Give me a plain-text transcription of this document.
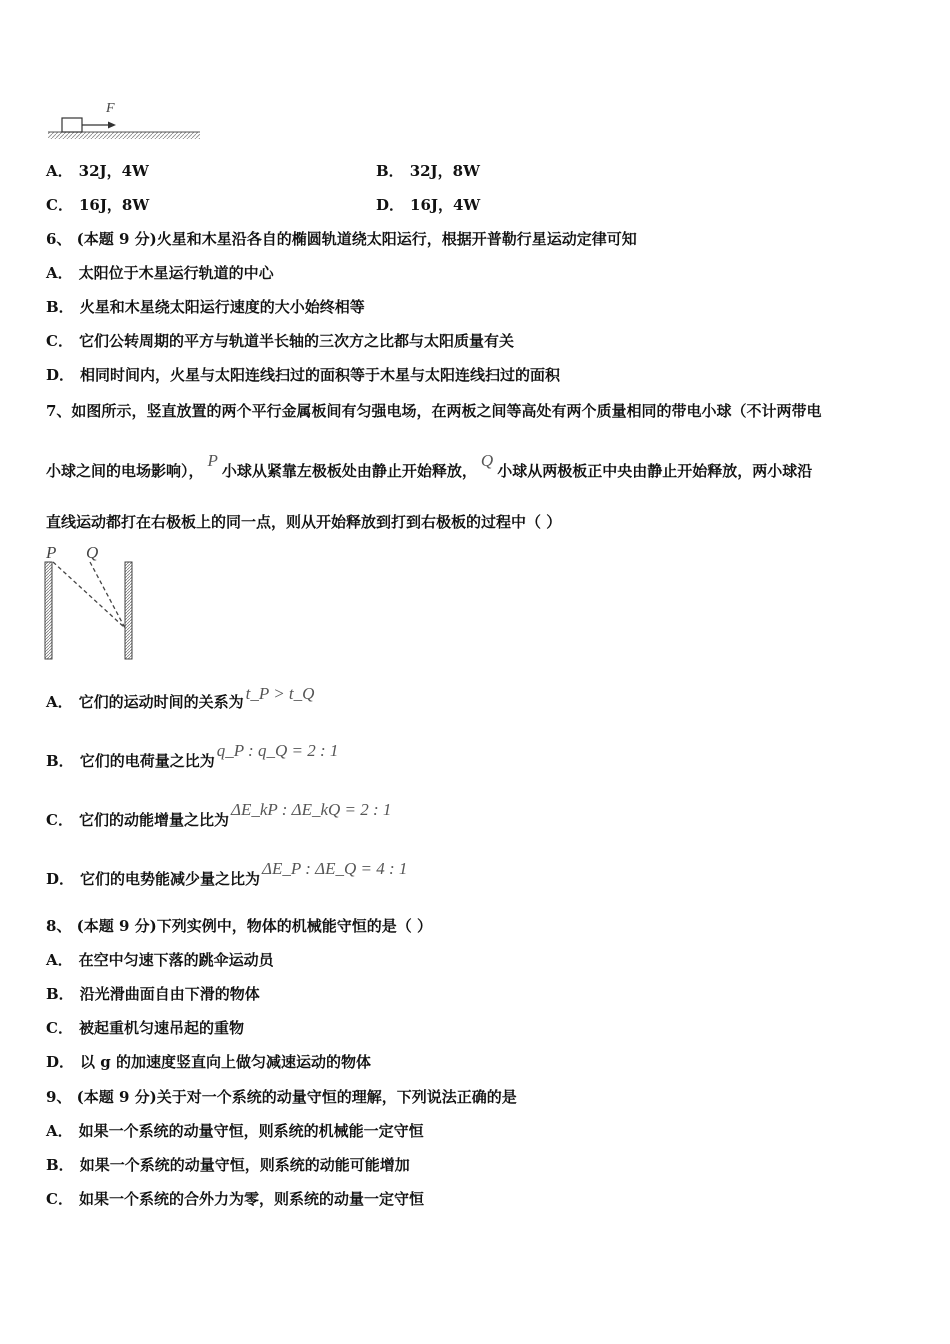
F
A． 32J，4W	B． 32J，8W
C． 16J，8W	D． 16J，4W
6、 (本题 9 分)火星和木星沿各自的椭圆轨道绕太阳运行，根据开普勒行星运动定律可知
A． 太阳位于木星运行轨道的中心
B． 火星和木星绕太阳运行速度的大小始终相等
C． 它们公转周期的平方与轨道半长轴的三次方之比都与太阳质量有关
D． 相同时间内，火星与太阳连线扫过的面积等于木星与太阳连线扫过的面积
7、如图所示，竖直放置的两个平行金属板间有匀强电场，在两板之间等高处有两个质量相同的带电小球（不计两带电
小球之间的电场影响），P小球从紧靠左极板处由静止开始释放，Q小球从两极板正中央由静止开始释放，两小球沿
直线运动都打在右极板上的同一点，则从开始释放到打到右极板的过程中（ ）
P Q
A． 它们的运动时间的关系为 t_P > t_Q
B． 它们的电荷量之比为q_P : q_Q = 2 : 1
C． 它们的动能增量之比为ΔE_kP : ΔE_kQ = 2 : 1
D． 它们的电势能减少量之比为ΔE_P : ΔE_Q = 4 : 1
8、 (本题 9 分)下列实例中，物体的机械能守恒的是（ ）
A． 在空中匀速下落的跳伞运动员
B． 沿光滑曲面自由下滑的物体
C． 被起重机匀速吊起的重物
D． 以 g 的加速度竖直向上做匀减速运动的物体
9、 (本题 9 分)关于对一个系统的动量守恒的理解，下列说法正确的是
A． 如果一个系统的动量守恒，则系统的机械能一定守恒
B． 如果一个系统的动量守恒，则系统的动能可能增加
C． 如果一个系统的合外力为零，则系统的动量一定守恒
